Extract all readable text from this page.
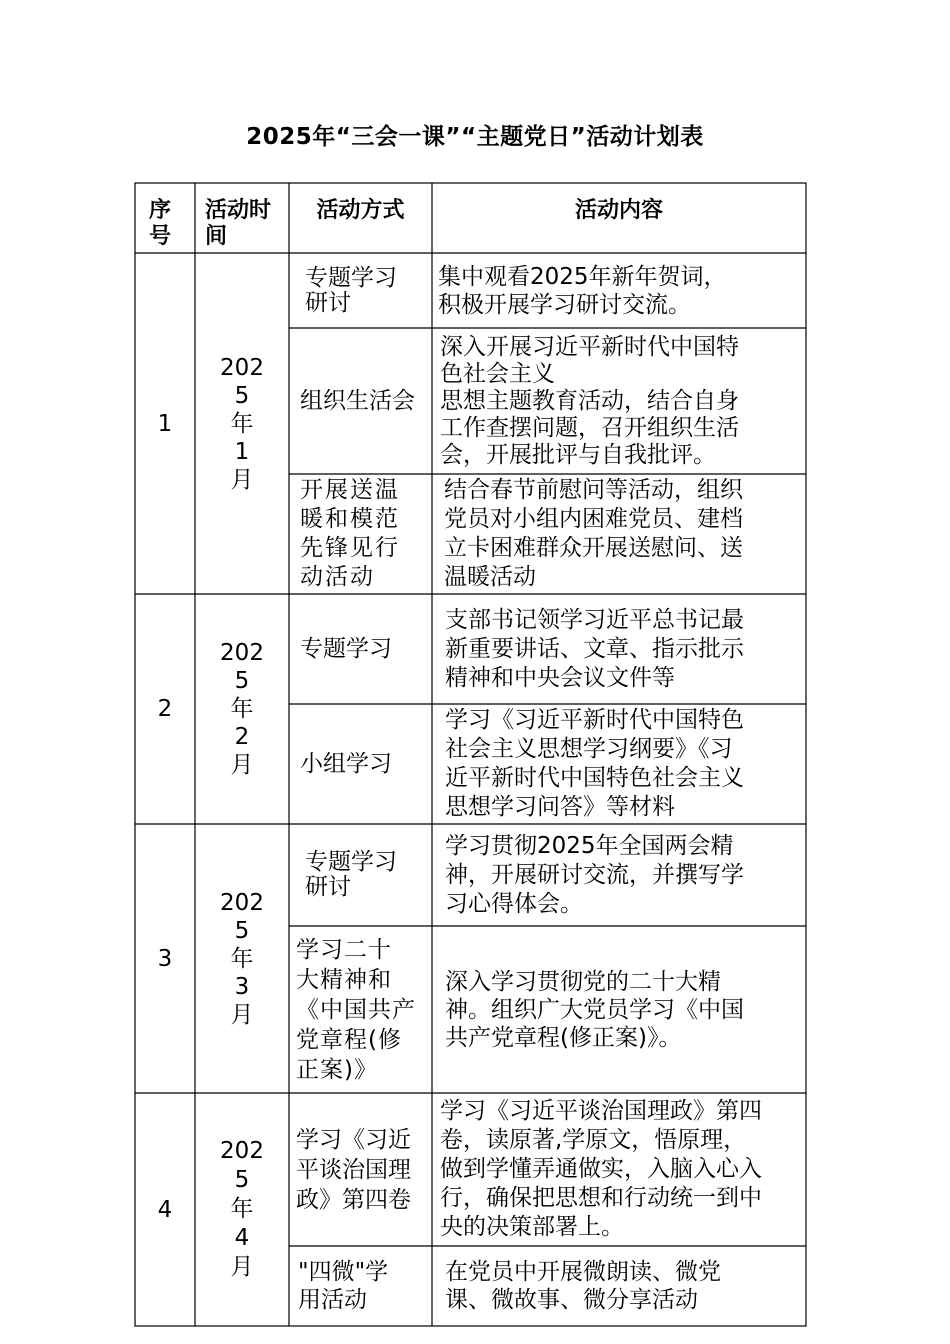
2025年“三会一课”“主题党日”活动计划表
序
号
活动时
间
活动方式	活动内容
1
202
5
年
1
月
专题学习
研讨
集中观看2025年新年贺词，
积极开展学习研讨交流。
组织生活会
深入开展习近平新时代中国特
色社会主义
思想主题教育活动，结合自身
工作查摆问题，召开组织生活
会，开展批评与自我批评。
开展送温
暖和模范
先锋见行
动活动
结合春节前慰问等活动，组织
党员对小组内困难党员、建档
立卡困难群众开展送慰问、送
温暖活动
2
202
5
年
2
月
专题学习
支部书记领学习近平总书记最
新重要讲话、文章、指示批示
精神和中央会议文件等
小组学习
学习《习近平新时代中国特色
社会主义思想学习纲要》《习
近平新时代中国特色社会主义
思想学习问答》等材料
3
202
5
年
3
月
专题学习
研讨
学习贯彻2025年全国两会精
神，开展研讨交流，并撰写学
习心得体会。
学习二十
大精神和
《中国共产
党章程(修
正案)》
深入学习贯彻党的二十大精
神。组织广大党员学习《中国
共产党章程(修正案)》。
4
202
5
年
4
月
学习《习近
平谈治国理
政》第四卷
学习《习近平谈治国理政》第四
卷，读原著,学原文，悟原理，
做到学懂弄通做实，入脑入心入
行，确保把思想和行动统一到中
央的决策部署上。
"四微"学
用活动
在党员中开展微朗读、微党
课、微故事、微分享活动
